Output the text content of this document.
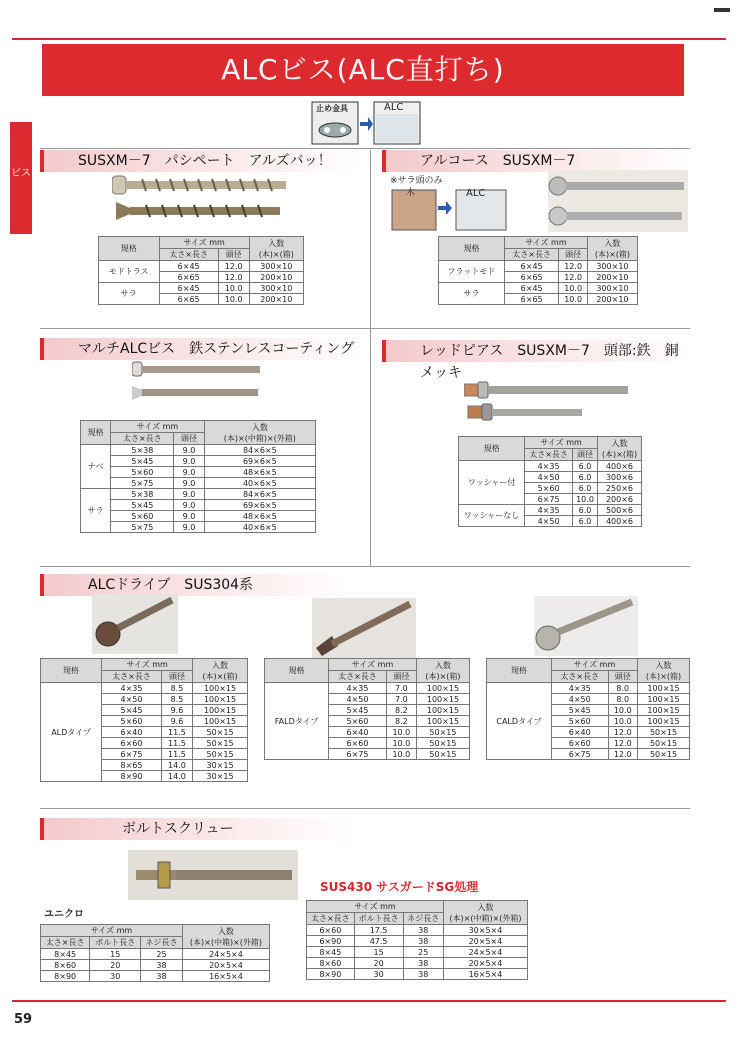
ALCビス(ALC直打ち)
ビス
止め金具	ALC
SUSXM－7　パシペート　アルズバッ！	アルコース　SUSXM－7
マルチALCビス　鉄ステンレスコーティング	レッドピアス　SUSXM－7　頭部:鉄　銅メッキ
ALCドライブ　SUS304系
ボルトスクリュー
※サラ頭のみ
木	ALC
SUS430 サスガードSG処理
ユニクロ
規格	サイズ mm		入数
(本)×(箱)
	太さ×長さ	頭径	
モドトラス	6×45	12.0	300×10
	6×65	12.0	200×10
サラ	6×45	10.0	300×10
	6×65	10.0	200×10
規格	サイズ mm		入数
(本)×(箱)
	太さ×長さ	頭径	
フラットモド	6×45	12.0	300×10
	6×65	12.0	200×10
サラ	6×45	10.0	300×10
	6×65	10.0	200×10
規格	サイズ mm		入数
(本)×(中箱)×(外箱)
	太さ×長さ	頭径	
ナベ	5×38	9.0	84×6×5
	5×45	9.0	69×6×5
	5×60	9.0	48×6×5
	5×75	9.0	40×6×5
サラ	5×38	9.0	84×6×5
	5×45	9.0	69×6×5
	5×60	9.0	48×6×5
	5×75	9.0	40×6×5
規格	サイズ mm		入数
(本)×(箱)
	太さ×長さ	頭径	
ワッシャー付	4×35	6.0	400×6
	4×50	6.0	300×6
	5×60	6.0	250×6
	6×75	10.0	200×6
ワッシャーなし	4×35	6.0	500×6
	4×50	6.0	400×6
規格	サイズ mm		入数
(本)×(箱)
	太さ×長さ	頭径	
ALDタイプ	4×35	8.5	100×15
	4×50	8.5	100×15
	5×45	9.6	100×15
	5×60	9.6	100×15
	6×40	11.5	50×15
	6×60	11.5	50×15
	6×75	11.5	50×15
	8×65	14.0	30×15
	8×90	14.0	30×15
規格	サイズ mm		入数
(本)×(箱)
	太さ×長さ	頭径	
FALDタイプ	4×35	7.0	100×15
	4×50	7.0	100×15
	5×45	8.2	100×15
	5×60	8.2	100×15
	6×40	10.0	50×15
	6×60	10.0	50×15
	6×75	10.0	50×15
規格	サイズ mm		入数
(本)×(箱)
	太さ×長さ	頭径	
CALDタイプ	4×35	8.0	100×15
	4×50	8.0	100×15
	5×45	10.0	100×15
	5×60	10.0	100×15
	6×40	12.0	50×15
	6×60	12.0	50×15
	6×75	12.0	50×15
サイズ mm			入数
(本)×(中箱)×(外箱)
太さ×長さ	ボルト長さ	ネジ長さ	
8×45	15	25	24×5×4
8×60	20	38	20×5×4
8×90	30	38	16×5×4
サイズ mm			入数
(本)×(中箱)×(外箱)
太さ×長さ	ボルト長さ	ネジ長さ	
6×60	17.5	38	30×5×4
6×90	47.5	38	20×5×4
8×45	15	25	24×5×4
8×60	20	38	20×5×4
8×90	30	38	16×5×4
59
